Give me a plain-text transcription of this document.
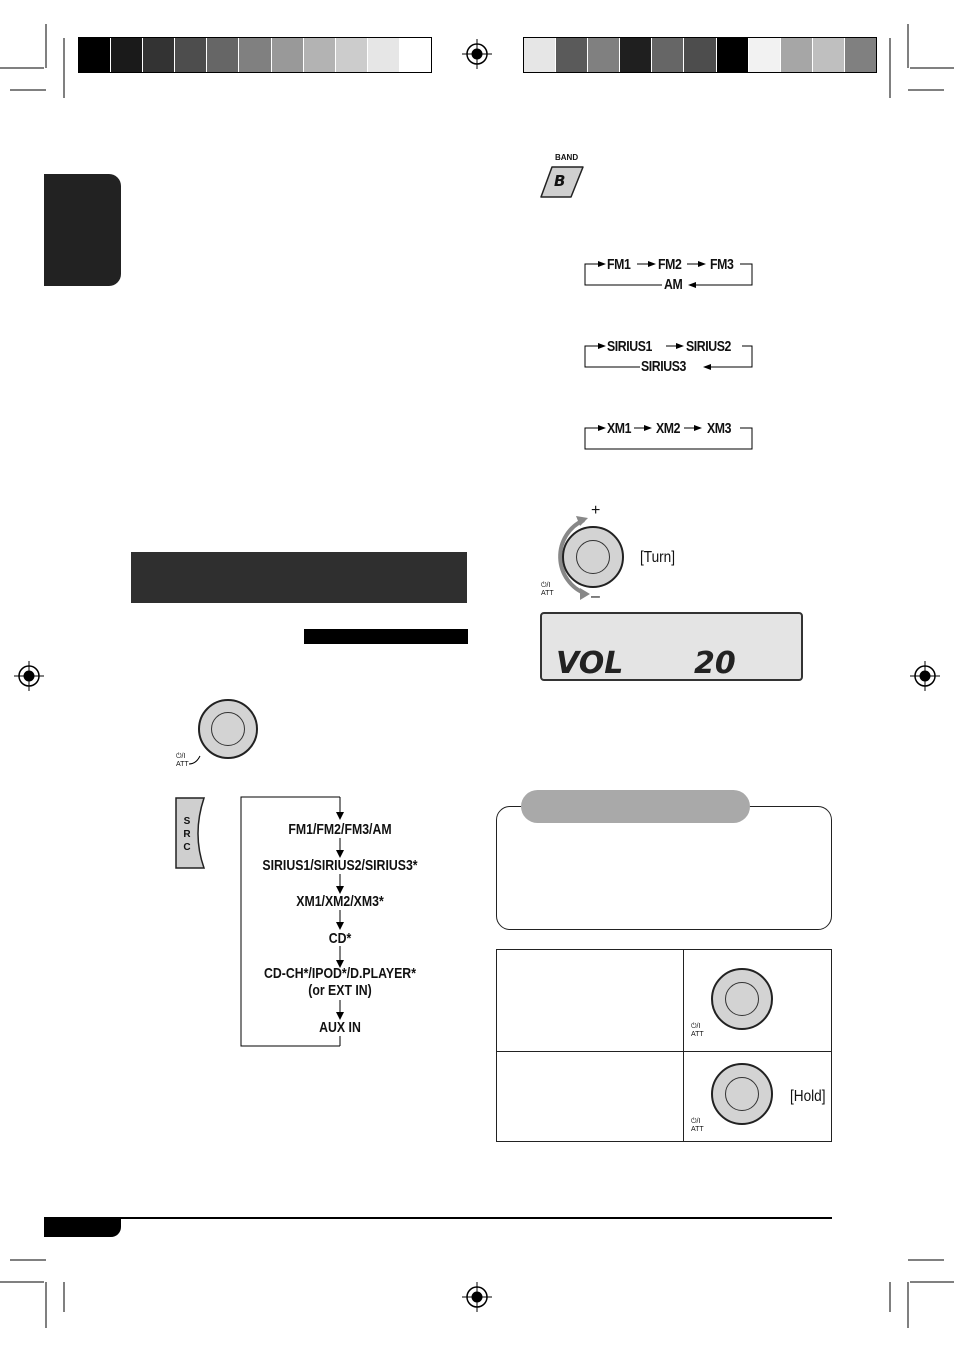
⏻/I
ATT
S
R
C
FM1/FM2/FM3/AM
SIRIUS1/SIRIUS2/SIRIUS3*
XM1/XM2/XM3*
CD*
CD-CH*/IPOD*/D.PLAYER*
(or EXT IN)
AUX IN
BAND
B
FM1 FM2 FM3
AM
SIRIUS1 SIRIUS2
SIRIUS3
XM1 XM2 XM3
+
–
[Turn]
⏻/I
ATT
VOL 20
⏻/I
ATT
⏻/I
ATT
[Hold]
